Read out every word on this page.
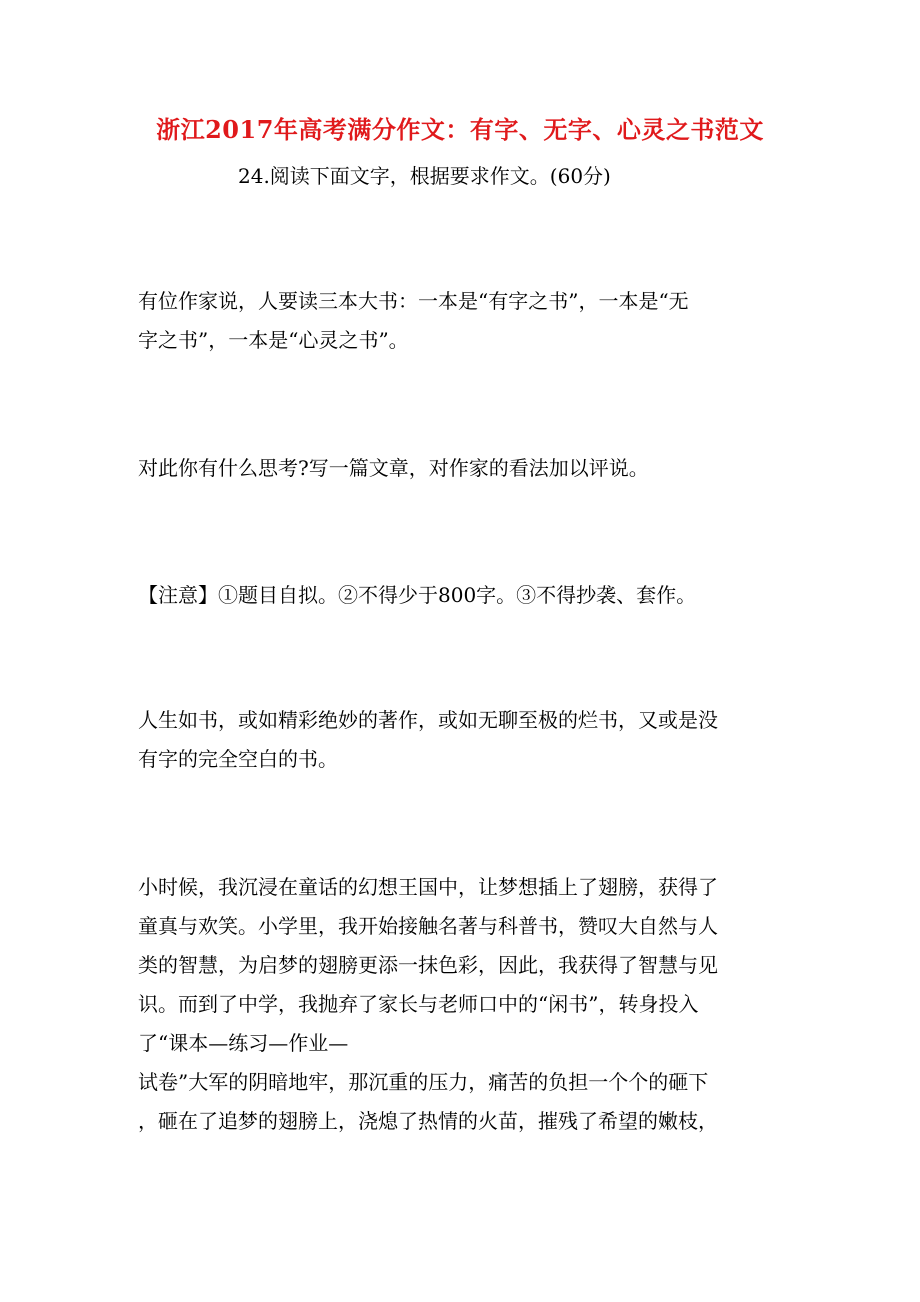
浙江2017年高考满分作文：有字、无字、心灵之书范文
24.阅读下面文字，根据要求作文。(60分)
有位作家说，人要读三本大书：一本是“有字之书”，一本是“无
字之书”，一本是“心灵之书”。
对此你有什么思考?写一篇文章，对作家的看法加以评说。
【注意】①题目自拟。②不得少于800字。③不得抄袭、套作。
人生如书，或如精彩绝妙的著作，或如无聊至极的烂书，又或是没
有字的完全空白的书。
小时候，我沉浸在童话的幻想王国中，让梦想插上了翅膀，获得了
童真与欢笑。小学里，我开始接触名著与科普书，赞叹大自然与人
类的智慧，为启梦的翅膀更添一抹色彩，因此，我获得了智慧与见
识。而到了中学，我抛弃了家长与老师口中的“闲书”，转身投入
了“课本—练习—作业—
试卷”大军的阴暗地牢，那沉重的压力，痛苦的负担一个个的砸下
，砸在了追梦的翅膀上，浇熄了热情的火苗，摧残了希望的嫩枝，
